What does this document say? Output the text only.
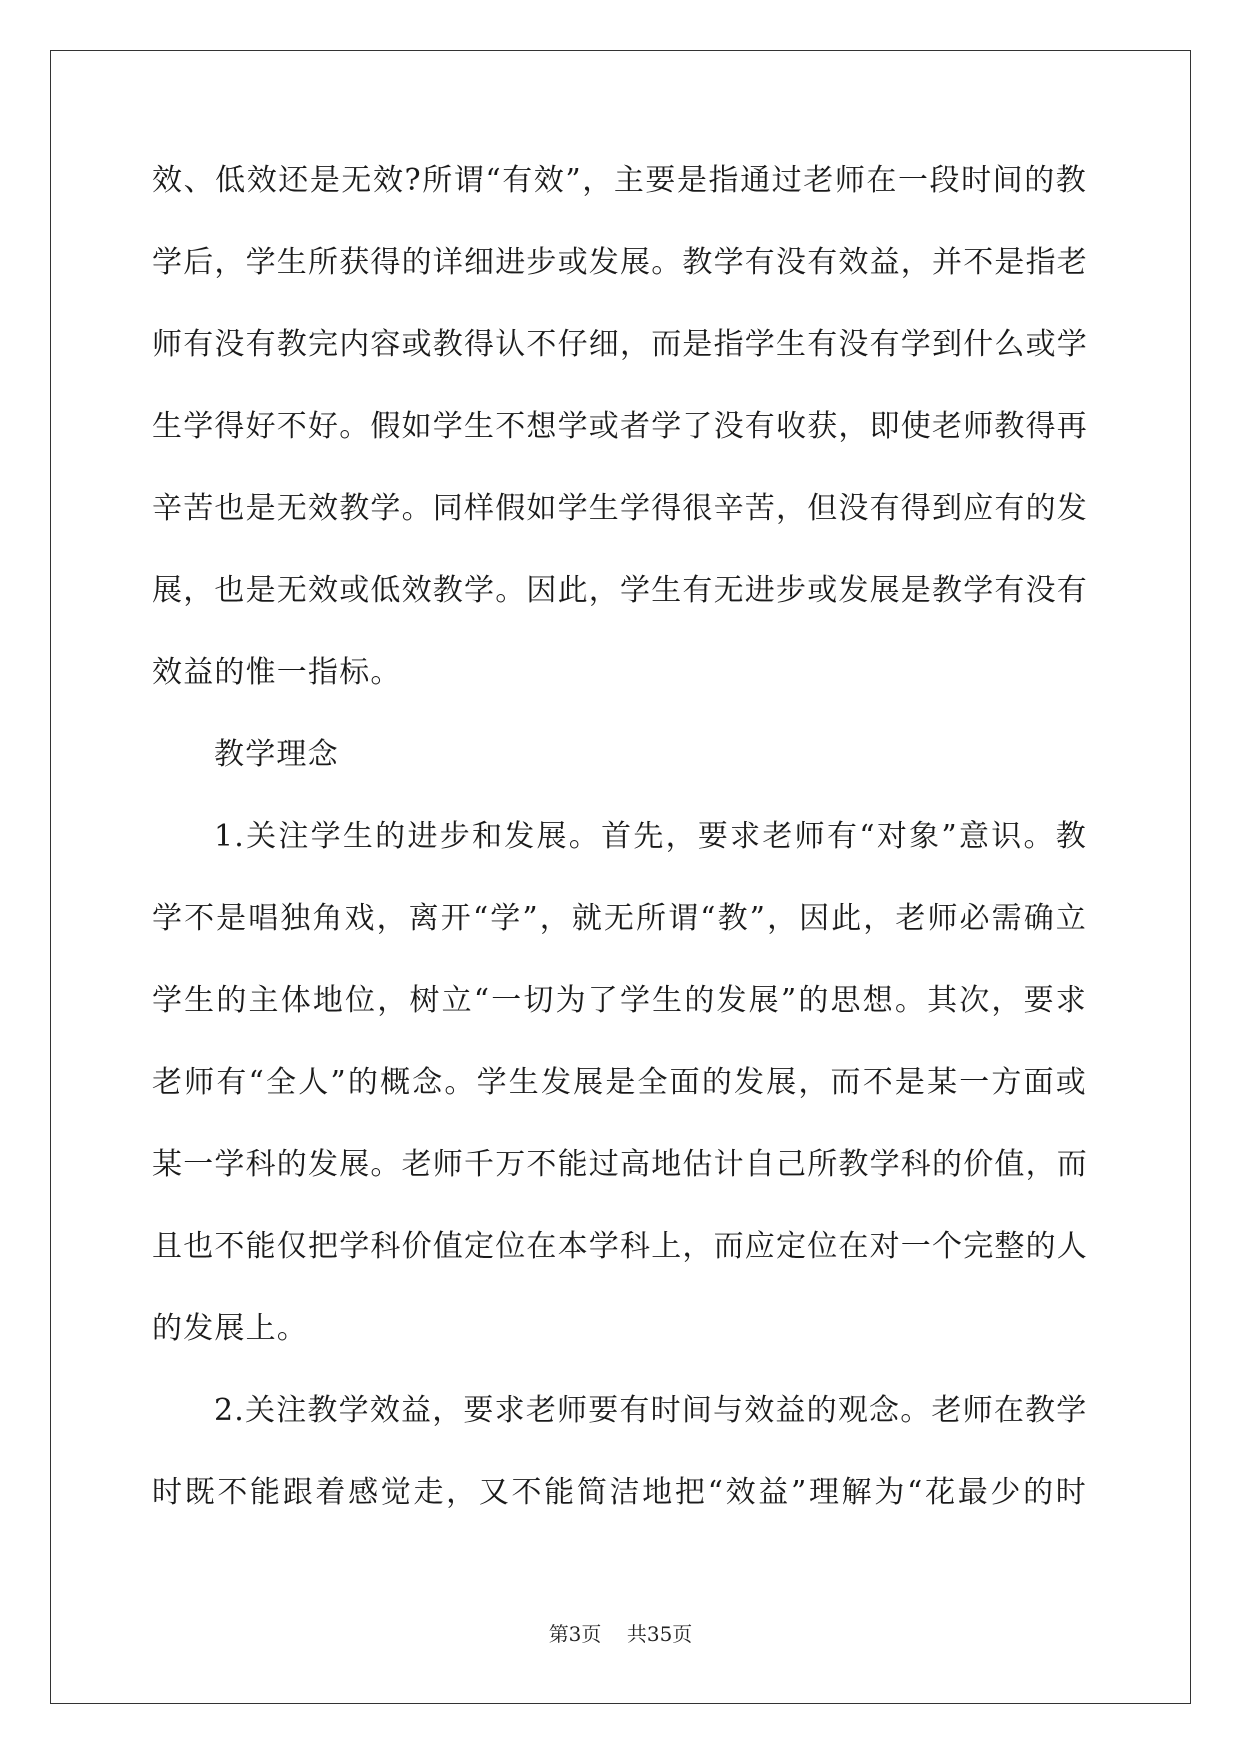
效、低效还是无效?所谓“有效”，主要是指通过老师在一段时间的教
学后，学生所获得的详细进步或发展。教学有没有效益，并不是指老
师有没有教完内容或教得认不仔细，而是指学生有没有学到什么或学
生学得好不好。假如学生不想学或者学了没有收获，即使老师教得再
辛苦也是无效教学。同样假如学生学得很辛苦，但没有得到应有的发
展，也是无效或低效教学。因此，学生有无进步或发展是教学有没有
效益的惟一指标。
教学理念
1.关注学生的进步和发展。首先，要求老师有“对象”意识。教
学不是唱独角戏，离开“学”，就无所谓“教”，因此，老师必需确立
学生的主体地位，树立“一切为了学生的发展”的思想。其次，要求
老师有“全人”的概念。学生发展是全面的发展，而不是某一方面或
某一学科的发展。老师千万不能过高地估计自己所教学科的价值，而
且也不能仅把学科价值定位在本学科上，而应定位在对一个完整的人
的发展上。
2.关注教学效益，要求老师要有时间与效益的观念。老师在教学
时既不能跟着感觉走，又不能简洁地把“效益”理解为“花最少的时
第3页 共35页
